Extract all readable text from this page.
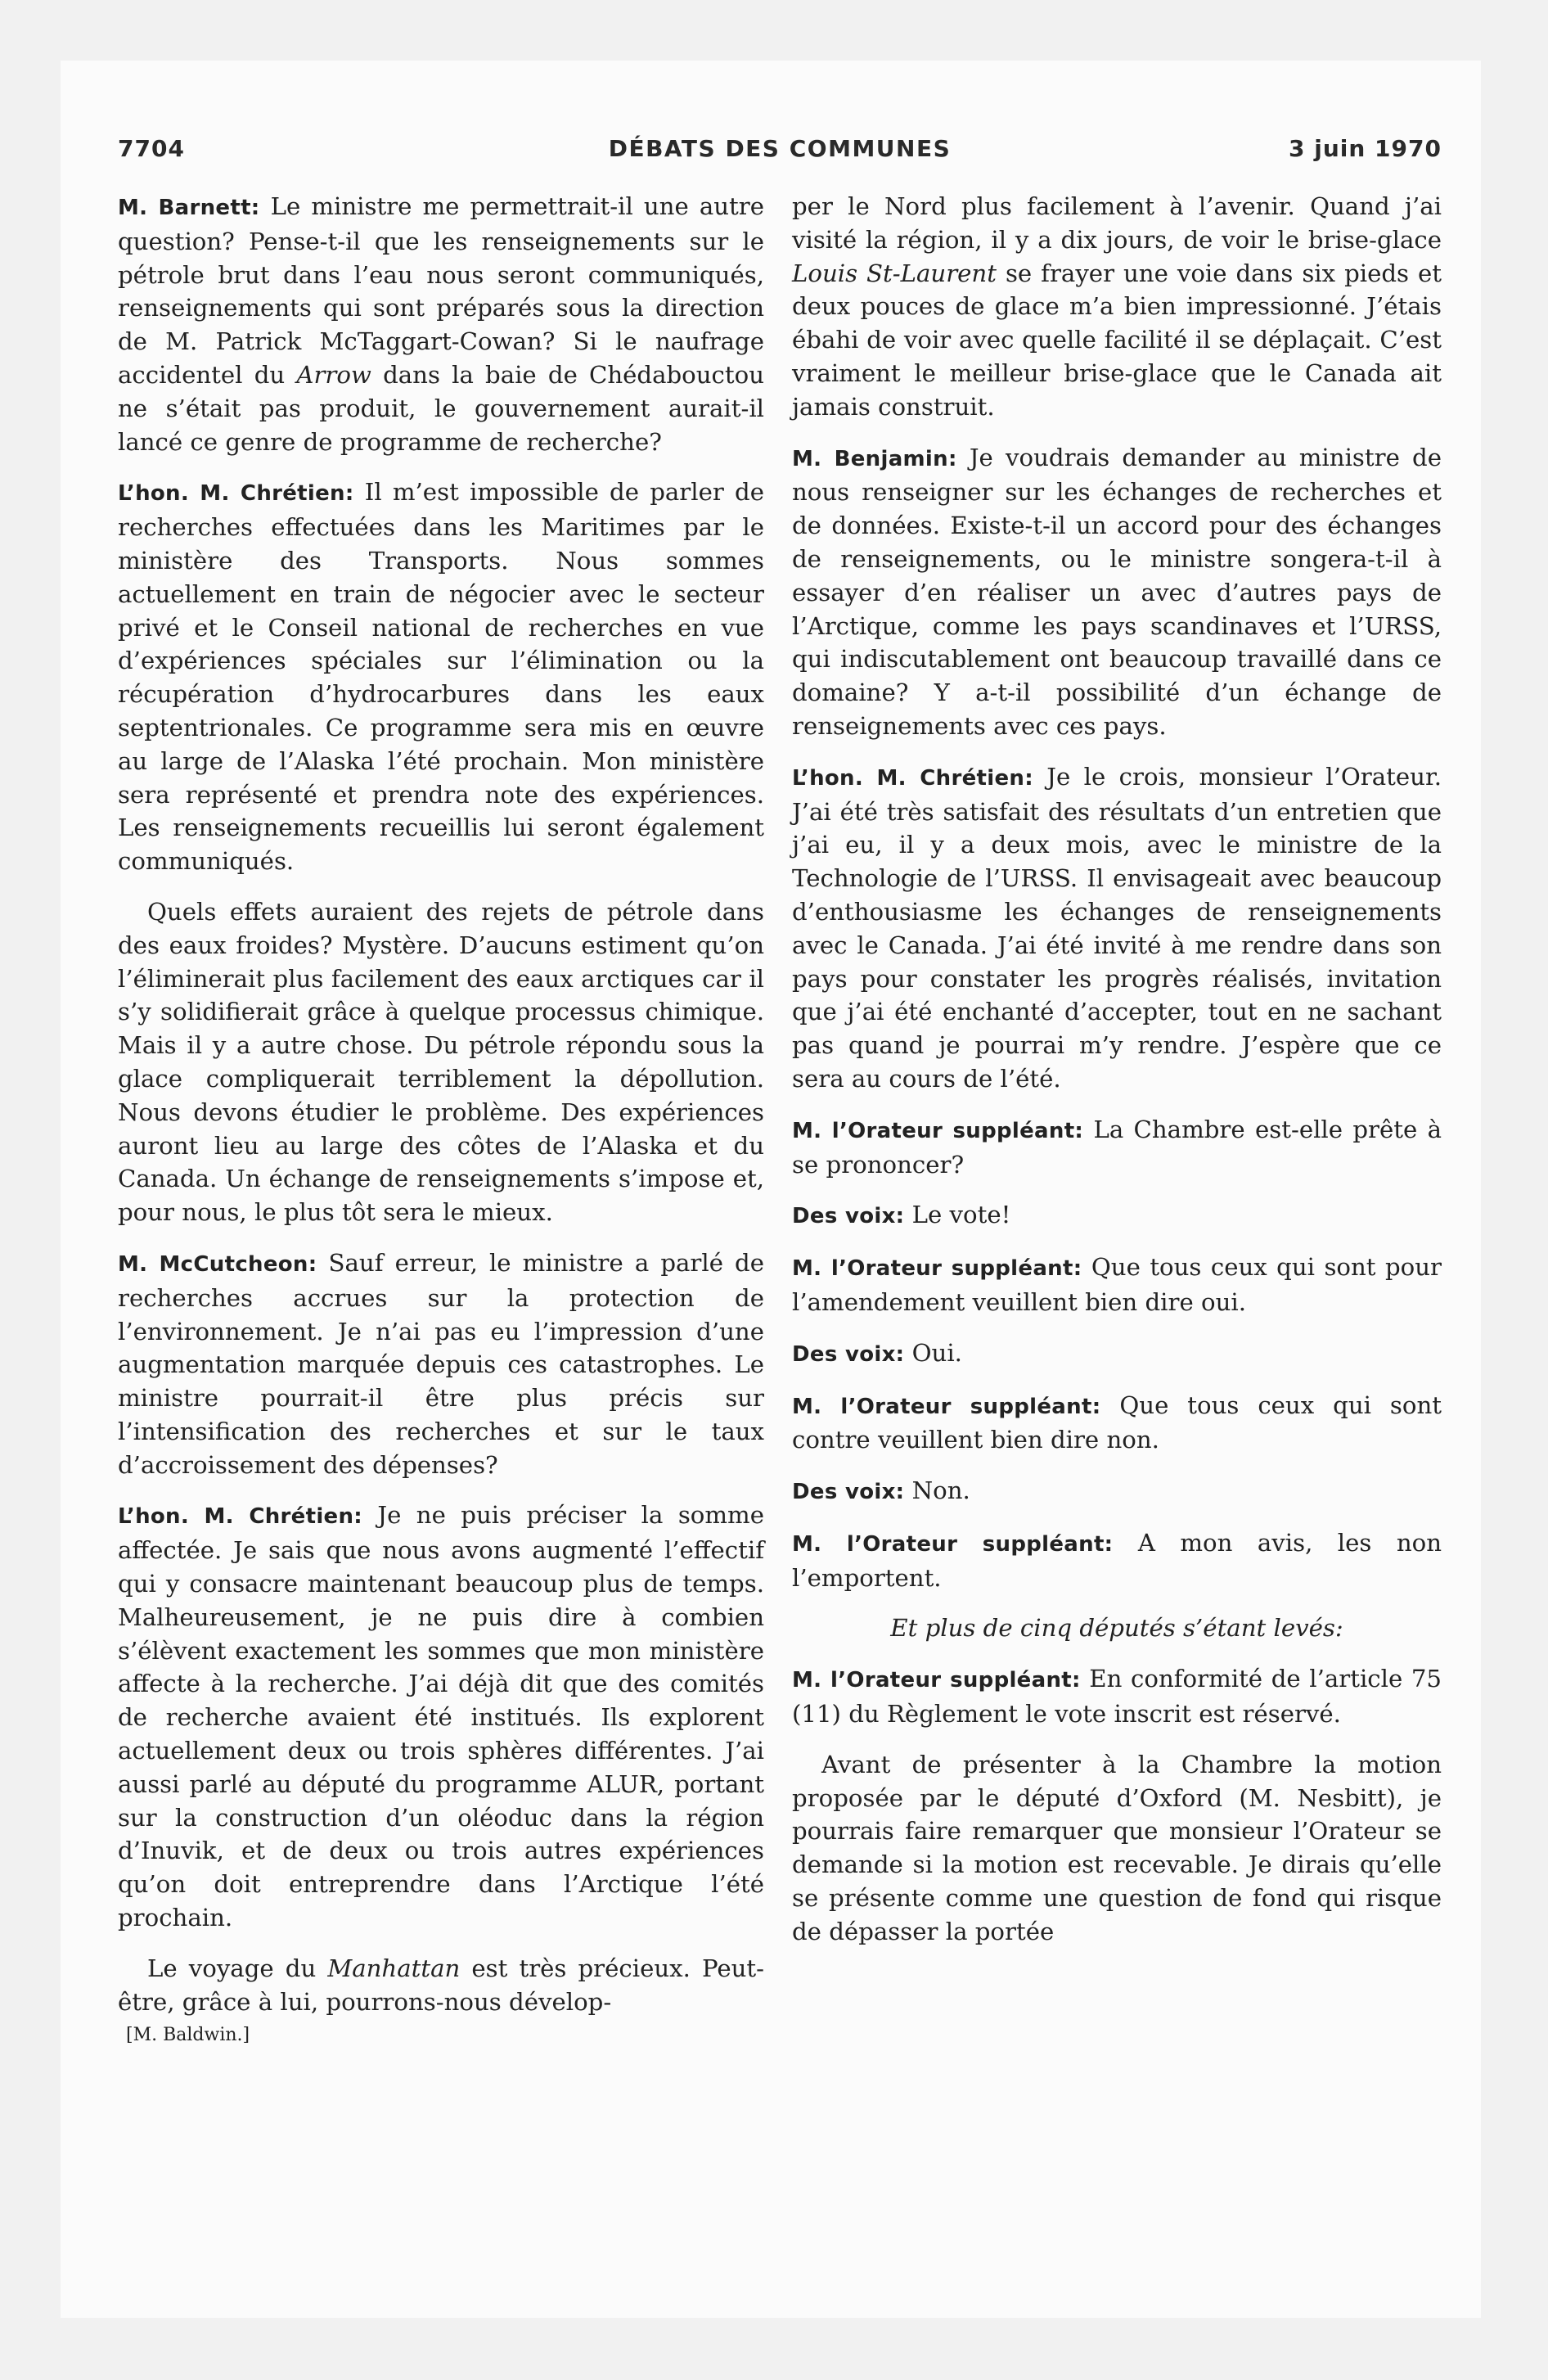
7704	DÉBATS DES COMMUNES	3 juin 1970

M. Barnett: Le ministre me permettrait-il une autre question? Pense-t-il que les renseignements sur le pétrole brut dans l’eau nous seront communiqués, renseignements qui sont préparés sous la direction de M. Patrick McTaggart-Cowan? Si le naufrage accidentel du Arrow dans la baie de Chédabouctou ne s’était pas produit, le gouvernement aurait-il lancé ce genre de programme de recherche?

L’hon. M. Chrétien: Il m’est impossible de parler de recherches effectuées dans les Maritimes par le ministère des Transports. Nous sommes actuellement en train de négocier avec le secteur privé et le Conseil national de recherches en vue d’expériences spéciales sur l’élimination ou la récupération d’hydrocarbures dans les eaux septentrionales. Ce programme sera mis en œuvre au large de l’Alaska l’été prochain. Mon ministère sera représenté et prendra note des expériences. Les renseignements recueillis lui seront également communiqués.

Quels effets auraient des rejets de pétrole dans des eaux froides? Mystère. D’aucuns estiment qu’on l’éliminerait plus facilement des eaux arctiques car il s’y solidifierait grâce à quelque processus chimique. Mais il y a autre chose. Du pétrole répondu sous la glace compliquerait terriblement la dépollution. Nous devons étudier le problème. Des expériences auront lieu au large des côtes de l’Alaska et du Canada. Un échange de renseignements s’impose et, pour nous, le plus tôt sera le mieux.

M. McCutcheon: Sauf erreur, le ministre a parlé de recherches accrues sur la protection de l’environnement. Je n’ai pas eu l’impression d’une augmentation marquée depuis ces catastrophes. Le ministre pourrait-il être plus précis sur l’intensification des recherches et sur le taux d’accroissement des dépenses?

L’hon. M. Chrétien: Je ne puis préciser la somme affectée. Je sais que nous avons augmenté l’effectif qui y consacre maintenant beaucoup plus de temps. Malheureusement, je ne puis dire à combien s’élèvent exactement les sommes que mon ministère affecte à la recherche. J’ai déjà dit que des comités de recherche avaient été institués. Ils explorent actuellement deux ou trois sphères différentes. J’ai aussi parlé au député du programme ALUR, portant sur la construction d’un oléoduc dans la région d’Inuvik, et de deux ou trois autres expériences qu’on doit entreprendre dans l’Arctique l’été prochain.

Le voyage du Manhattan est très précieux. Peut-être, grâce à lui, pourrons-nous dévelop-

[M. Baldwin.]

per le Nord plus facilement à l’avenir. Quand j’ai visité la région, il y a dix jours, de voir le brise-glace Louis St-Laurent se frayer une voie dans six pieds et deux pouces de glace m’a bien impressionné. J’étais ébahi de voir avec quelle facilité il se déplaçait. C’est vraiment le meilleur brise-glace que le Canada ait jamais construit.

M. Benjamin: Je voudrais demander au ministre de nous renseigner sur les échanges de recherches et de données. Existe-t-il un accord pour des échanges de renseignements, ou le ministre songera-t-il à essayer d’en réaliser un avec d’autres pays de l’Arctique, comme les pays scandinaves et l’URSS, qui indiscutablement ont beaucoup travaillé dans ce domaine? Y a-t-il possibilité d’un échange de renseignements avec ces pays.

L’hon. M. Chrétien: Je le crois, monsieur l’Orateur. J’ai été très satisfait des résultats d’un entretien que j’ai eu, il y a deux mois, avec le ministre de la Technologie de l’URSS. Il envisageait avec beaucoup d’enthousiasme les échanges de renseignements avec le Canada. J’ai été invité à me rendre dans son pays pour constater les progrès réalisés, invitation que j’ai été enchanté d’accepter, tout en ne sachant pas quand je pourrai m’y rendre. J’espère que ce sera au cours de l’été.

M. l’Orateur suppléant: La Chambre est-elle prête à se prononcer?

Des voix: Le vote!

M. l’Orateur suppléant: Que tous ceux qui sont pour l’amendement veuillent bien dire oui.

Des voix: Oui.

M. l’Orateur suppléant: Que tous ceux qui sont contre veuillent bien dire non.

Des voix: Non.

M. l’Orateur suppléant: A mon avis, les non l’emportent.

Et plus de cinq députés s’étant levés:

M. l’Orateur suppléant: En conformité de l’article 75 (11) du Règlement le vote inscrit est réservé.

Avant de présenter à la Chambre la motion proposée par le député d’Oxford (M. Nesbitt), je pourrais faire remarquer que monsieur l’Orateur se demande si la motion est recevable. Je dirais qu’elle se présente comme une question de fond qui risque de dépasser la portée
